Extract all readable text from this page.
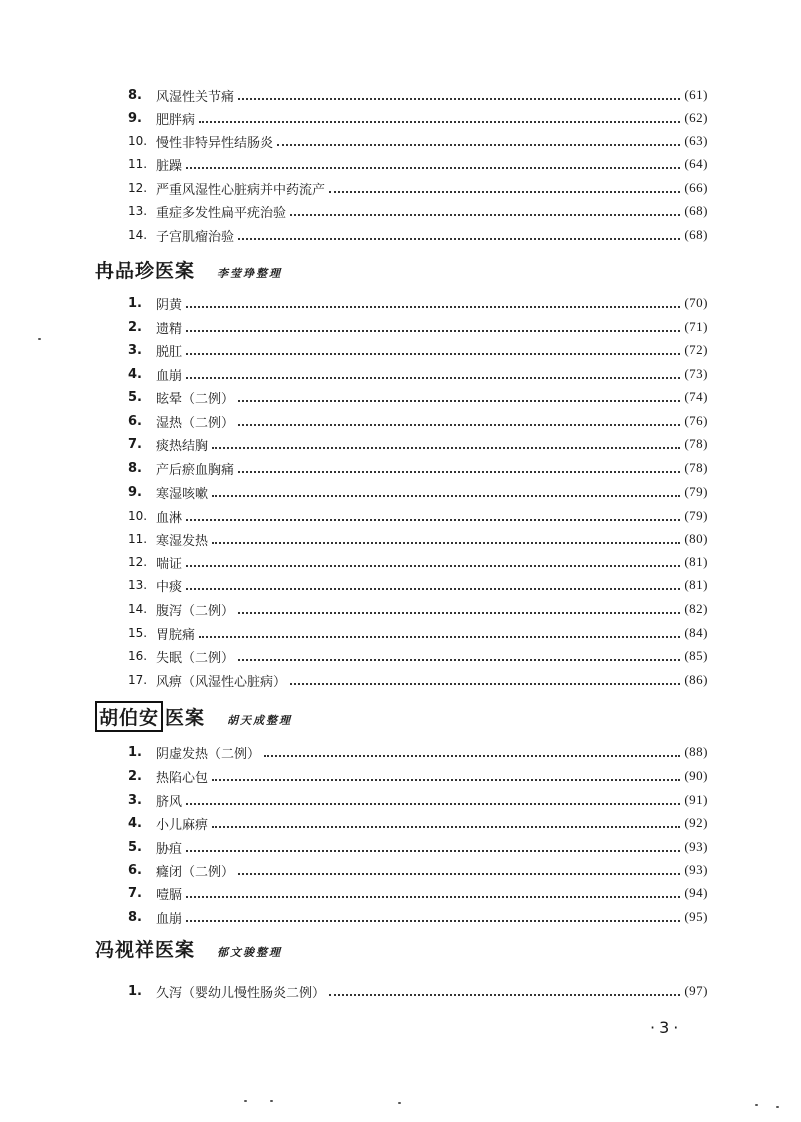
8.	风湿性关节痛	(61)
9.	肥胖病	(62)
10. 慢性非特异性结肠炎	(63)
11. 脏躁	(64)
12. 严重风湿性心脏病并中药流产	(66)
13. 重症多发性扁平疣治验	(68)
14. 子宫肌瘤治验	(68)
冉品珍 医案 李莹琤整理
1.	阴黄	(70)
2.	遗精	(71)
3.	脱肛	(72)
4.	血崩	(73)
5.	眩晕（二例）	(74)
6.	湿热（二例）	(76)
7.	痰热结胸	(78)
8.	产后瘀血胸痛	(78)
9.	寒湿咳嗽	(79)
10. 血淋	(79)
11. 寒湿发热	(80)
12. 喘证	(81)
13. 中痰	(81)
14. 腹泻（二例）	(82)
15. 胃脘痛	(84)
16. 失眠（二例）	(85)
17. 风痹（风湿性心脏病）	(86)
胡伯安 医案 胡天成整理
1.	阴虚发热（二例）	(88)
2.	热陷心包	(90)
3.	脐风	(91)
4.	小儿麻痹	(92)
5.	胁疽	(93)
6.	癃闭（二例）	(93)
7.	噎膈	(94)
8.	血崩	(95)
冯视祥 医案 郁文骏整理
1.	久泻（婴幼儿慢性肠炎二例）	(97)
·3·
